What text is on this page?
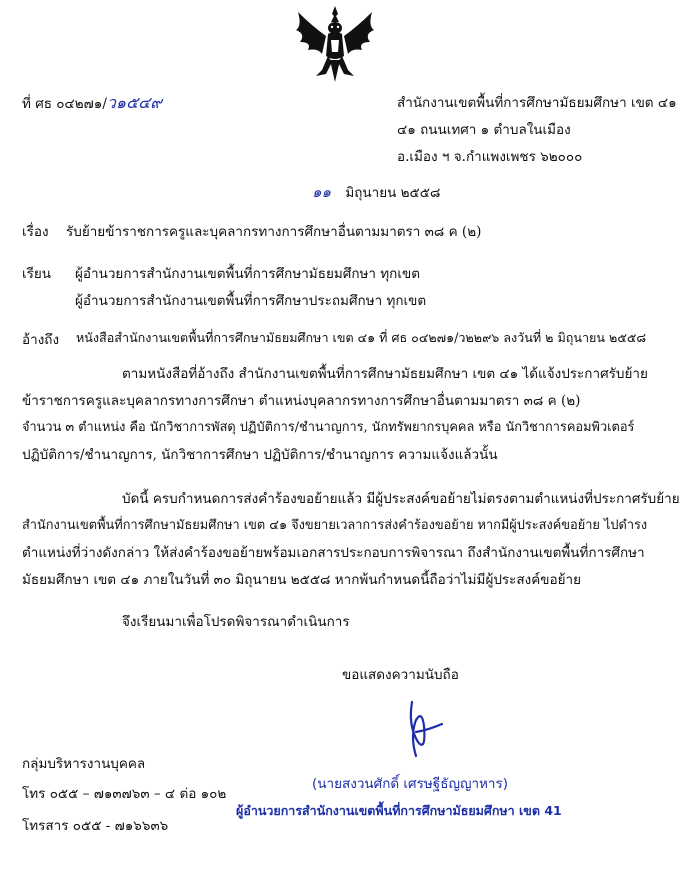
ที่ ศธ ๐๔๒๗๑/ว๑๕๔๙	สำนักงานเขตพื้นที่การศึกษามัธยมศึกษา เขต ๔๑
๔๑ ถนนเทศา ๑ ตำบลในเมือง
อ.เมือง ฯ จ.กำแพงเพชร ๖๒๐๐๐
๑๑ มิถุนายน ๒๕๕๘
เรื่อง รับย้ายข้าราชการครูและบุคลากรทางการศึกษาอื่นตามมาตรา ๓๘ ค (๒)
เรียน ผู้อำนวยการสำนักงานเขตพื้นที่การศึกษามัธยมศึกษา ทุกเขต
ผู้อำนวยการสำนักงานเขตพื้นที่การศึกษาประถมศึกษา ทุกเขต
อ้างถึง หนังสือสำนักงานเขตพื้นที่การศึกษามัธยมศึกษา เขต ๔๑ ที่ ศธ ๐๔๒๗๑/ว๒๒๙๖ ลงวันที่ ๒ มิถุนายน ๒๕๕๘
ตามหนังสือที่อ้างถึง สำนักงานเขตพื้นที่การศึกษามัธยมศึกษา เขต ๔๑ ได้แจ้งประกาศรับย้าย
ข้าราชการครูและบุคลากรทางการศึกษา ตำแหน่งบุคลากรทางการศึกษาอื่นตามมาตรา ๓๘ ค (๒)
จำนวน ๓ ตำแหน่ง คือ นักวิชาการพัสดุ ปฏิบัติการ/ชำนาญการ, นักทรัพยากรบุคคล หรือ นักวิชาการคอมพิวเตอร์
ปฏิบัติการ/ชำนาญการ, นักวิชาการศึกษา ปฏิบัติการ/ชำนาญการ ความแจ้งแล้วนั้น
บัดนี้ ครบกำหนดการส่งคำร้องขอย้ายแล้ว มีผู้ประสงค์ขอย้ายไม่ตรงตามตำแหน่งที่ประกาศรับย้าย
สำนักงานเขตพื้นที่การศึกษามัธยมศึกษา เขต ๔๑ จึงขยายเวลาการส่งคำร้องขอย้าย หากมีผู้ประสงค์ขอย้าย ไปดำรง
ตำแหน่งที่ว่างดังกล่าว ให้ส่งคำร้องขอย้ายพร้อมเอกสารประกอบการพิจารณา ถึงสำนักงานเขตพื้นที่การศึกษา
มัธยมศึกษา เขต ๔๑ ภายในวันที่ ๓๐ มิถุนายน ๒๕๕๘ หากพ้นกำหนดนี้ถือว่าไม่มีผู้ประสงค์ขอย้าย
จึงเรียนมาเพื่อโปรดพิจารณาดำเนินการ
ขอแสดงความนับถือ
(นายสงวนศักดิ์ เศรษฐีธัญญาหาร)
ผู้อำนวยการสำนักงานเขตพื้นที่การศึกษามัธยมศึกษา เขต 41
กลุ่มบริหารงานบุคคล
โทร ๐๕๕ – ๗๑๓๗๖๓ – ๔ ต่อ ๑๐๒
โทรสาร ๐๕๕ - ๗๑๖๖๓๖
